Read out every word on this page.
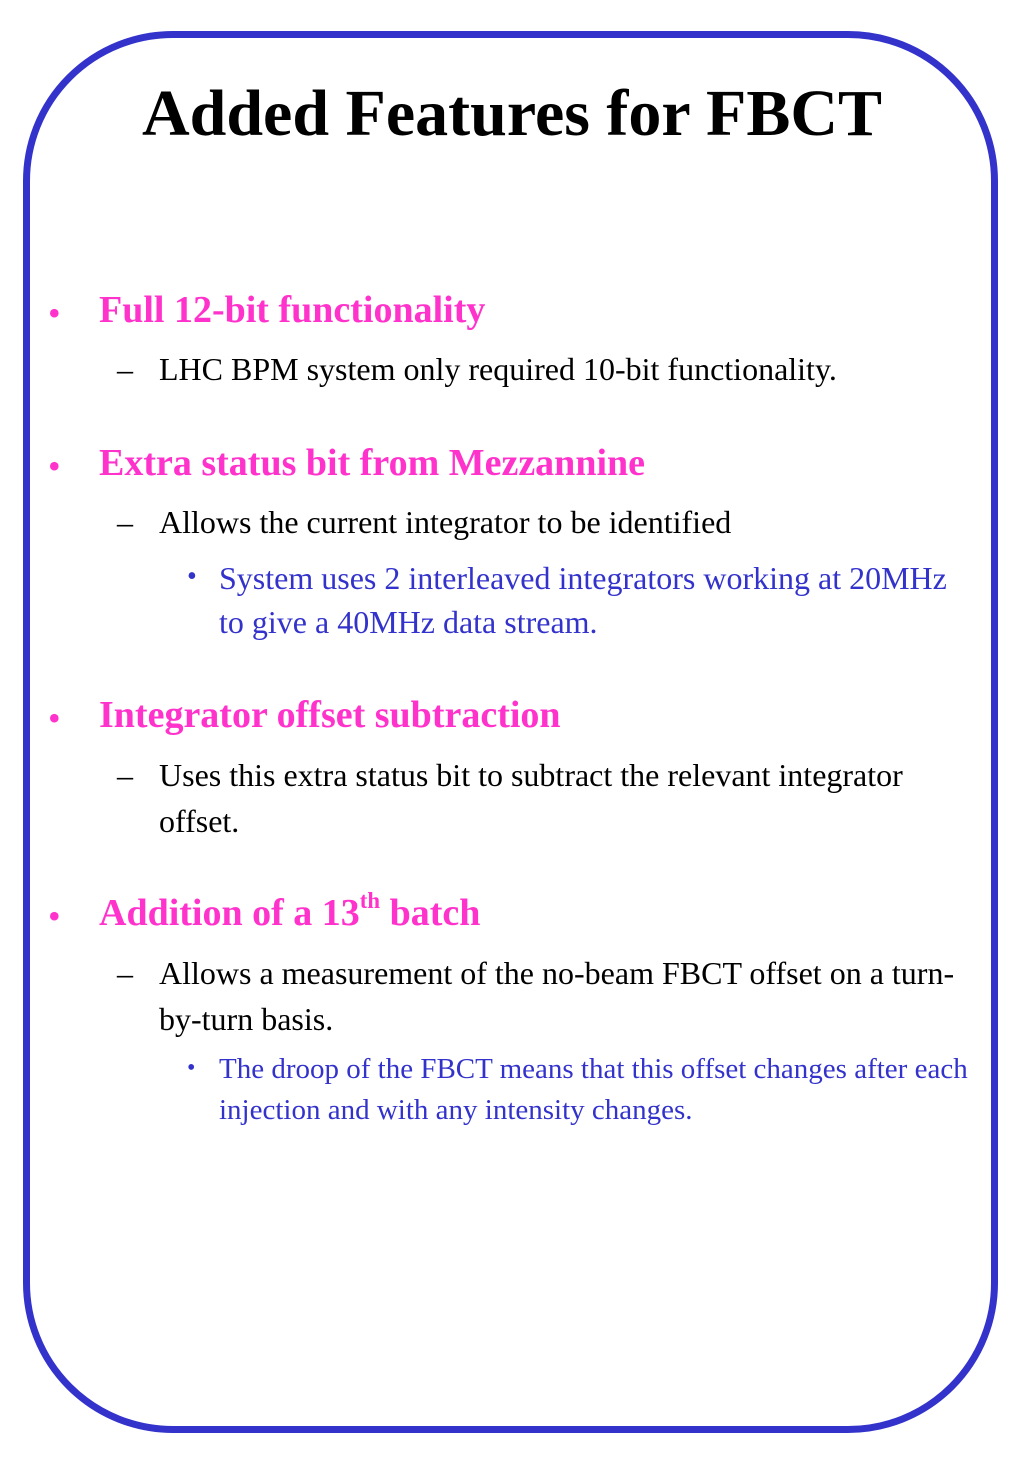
Added Features for FBCT
• Full 12-bit functionality
– LHC BPM system only required 10-bit functionality.
• Extra status bit from Mezzannine
– Allows the current integrator to be identified
• System uses 2 interleaved integrators working at 20MHz to give a 40MHz data stream.
• Integrator offset subtraction
– Uses this extra status bit to subtract the relevant integrator offset.
• Addition of a 13th batch
– Allows a measurement of the no-beam FBCT offset on a turn-by-turn basis.
• The droop of the FBCT means that this offset changes after each injection and with any intensity changes.
